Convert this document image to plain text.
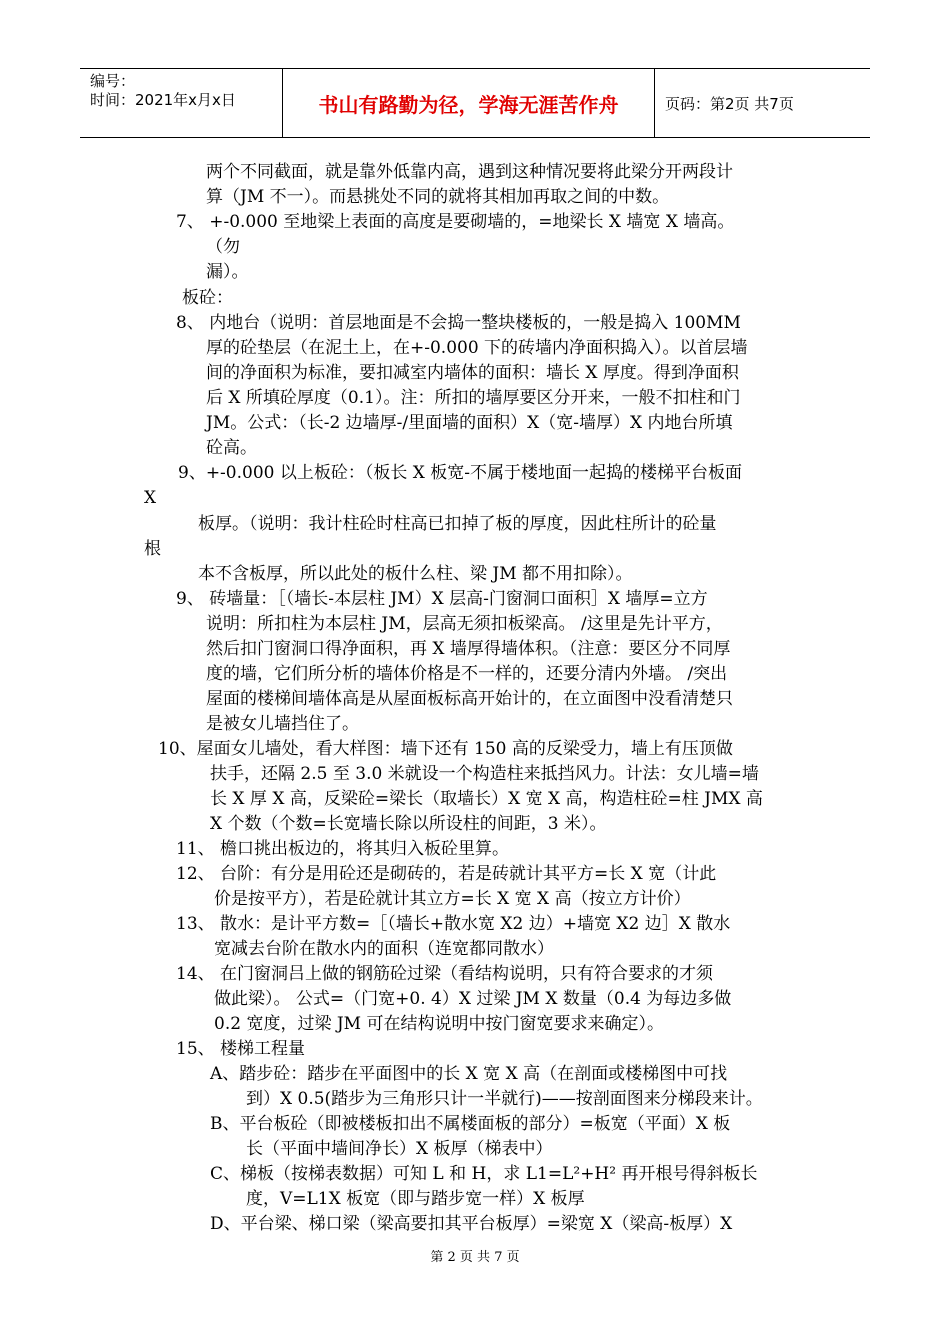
编号：
时间：2021年x月x日	书山有路勤为径，学海无涯苦作舟	页码：第2页 共7页
两个不同截面，就是靠外低靠内高，遇到这种情况要将此梁分开两段计
算（JM 不一）。而悬挑处不同的就将其相加再取之间的中数。
7、 +-0.000 至地梁上表面的高度是要砌墙的，=地梁长 X 墙宽 X 墙高。
（勿
漏）。
板砼：
8、 内地台（说明：首层地面是不会捣一整块楼板的，一般是捣入 100MM
厚的砼垫层（在泥土上，在+-0.000 下的砖墙内净面积捣入）。以首层墙
间的净面积为标准，要扣减室内墙体的面积：墙长 X 厚度。得到净面积
后 X 所填砼厚度（0.1）。注：所扣的墙厚要区分开来，一般不扣柱和门
JM。公式：（长-2 边墙厚-/里面墙的面积）X（宽-墙厚）X 内地台所填
砼高。
9、+-0.000 以上板砼：（板长 X 板宽-不属于楼地面一起捣的楼梯平台板面
X
板厚。（说明：我计柱砼时柱高已扣掉了板的厚度，因此柱所计的砼量
根
本不含板厚，所以此处的板什么柱、梁 JM 都不用扣除）。
9、 砖墙量：［（墙长-本层柱 JM）X 层高-门窗洞口面积］X 墙厚=立方
说明：所扣柱为本层柱 JM，层高无须扣板梁高。 /这里是先计平方，
然后扣门窗洞口得净面积，再 X 墙厚得墙体积。（注意：要区分不同厚
度的墙，它们所分析的墙体价格是不一样的，还要分清内外墙。 /突出
屋面的楼梯间墙体高是从屋面板标高开始计的，在立面图中没看清楚只
是被女儿墙挡住了。
10、屋面女儿墙处，看大样图：墙下还有 150 高的反梁受力，墙上有压顶做
扶手，还隔 2.5 至 3.0 米就设一个构造柱来抵挡风力。计法：女儿墙=墙
长 X 厚 X 高，反梁砼=梁长（取墙长）X 宽 X 高，构造柱砼=柱 JMX 高
X 个数（个数=长宽墙长除以所设柱的间距，3 米）。
11、 檐口挑出板边的，将其归入板砼里算。
12、 台阶：有分是用砼还是砌砖的，若是砖就计其平方=长 X 宽（计此
价是按平方），若是砼就计其立方=长 X 宽 X 高（按立方计价）
13、 散水：是计平方数=［（墙长+散水宽 X2 边）+墙宽 X2 边］X 散水
宽减去台阶在散水内的面积（连宽都同散水）
14、 在门窗洞吕上做的钢筋砼过梁（看结构说明，只有符合要求的才须
做此梁）。 公式=（门宽+0. 4）X 过梁 JM X 数量（0.4 为每边多做
0.2 宽度，过梁 JM 可在结构说明中按门窗宽要求来确定）。
15、 楼梯工程量
A、踏步砼：踏步在平面图中的长 X 宽 X 高（在剖面或楼梯图中可找
到）X 0.5(踏步为三角形只计一半就行)——按剖面图来分梯段来计。
B、平台板砼（即被楼板扣出不属楼面板的部分）=板宽（平面）X 板
长（平面中墙间净长）X 板厚（梯表中）
C、梯板（按梯表数据）可知 L 和 H，求 L1=L²+H² 再开根号得斜板长
度，V=L1X 板宽（即与踏步宽一样）X 板厚
D、平台梁、梯口梁（梁高要扣其平台板厚）=梁宽 X（梁高-板厚）X
第 2 页 共 7 页
